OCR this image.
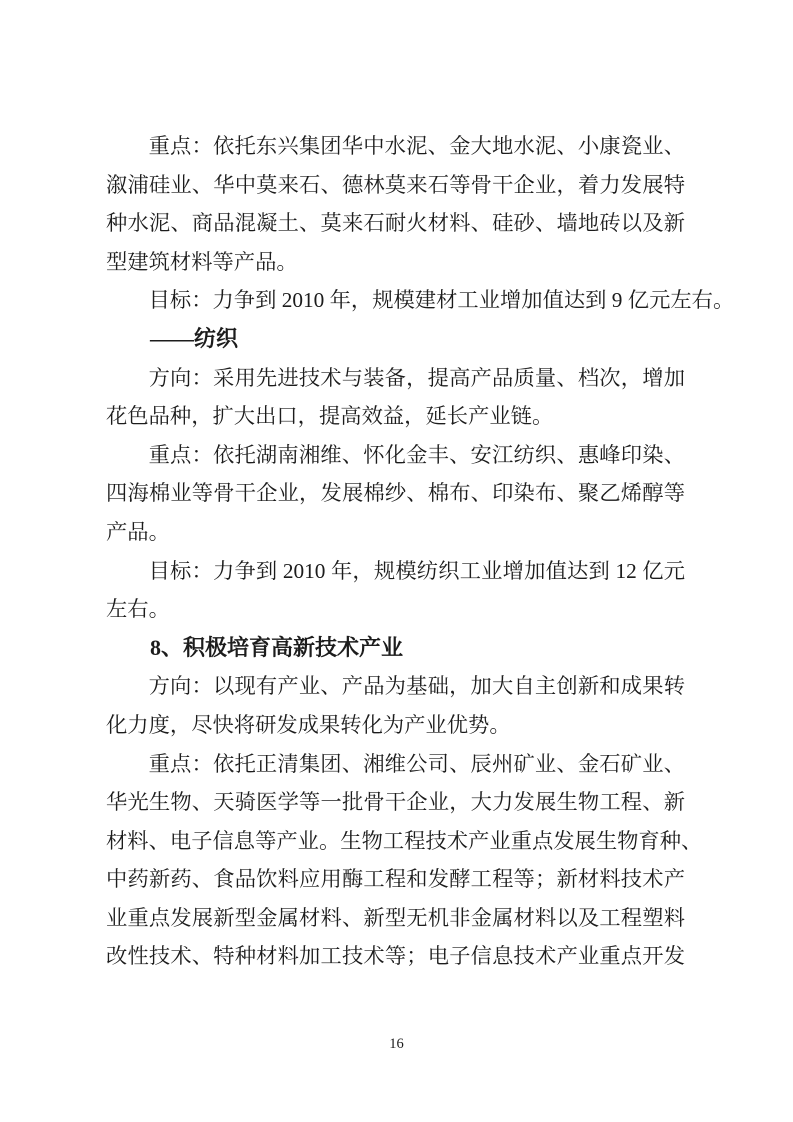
重点：依托东兴集团华中水泥、金大地水泥、小康瓷业、
溆浦硅业、华中莫来石、德林莫来石等骨干企业，着力发展特
种水泥、商品混凝土、莫来石耐火材料、硅砂、墙地砖以及新
型建筑材料等产品。
目标：力争到 2010 年，规模建材工业增加值达到 9 亿元左右。
——纺织
方向：采用先进技术与装备，提高产品质量、档次，增加
花色品种，扩大出口，提高效益，延长产业链。
重点：依托湖南湘维、怀化金丰、安江纺织、惠峰印染、
四海棉业等骨干企业，发展棉纱、棉布、印染布、聚乙烯醇等
产品。
目标：力争到 2010 年，规模纺织工业增加值达到 12 亿元
左右。
8、积极培育高新技术产业
方向：以现有产业、产品为基础，加大自主创新和成果转
化力度，尽快将研发成果转化为产业优势。
重点：依托正清集团、湘维公司、辰州矿业、金石矿业、
华光生物、天骑医学等一批骨干企业，大力发展生物工程、新
材料、电子信息等产业。生物工程技术产业重点发展生物育种、
中药新药、食品饮料应用酶工程和发酵工程等；新材料技术产
业重点发展新型金属材料、新型无机非金属材料以及工程塑料
改性技术、特种材料加工技术等；电子信息技术产业重点开发
16
